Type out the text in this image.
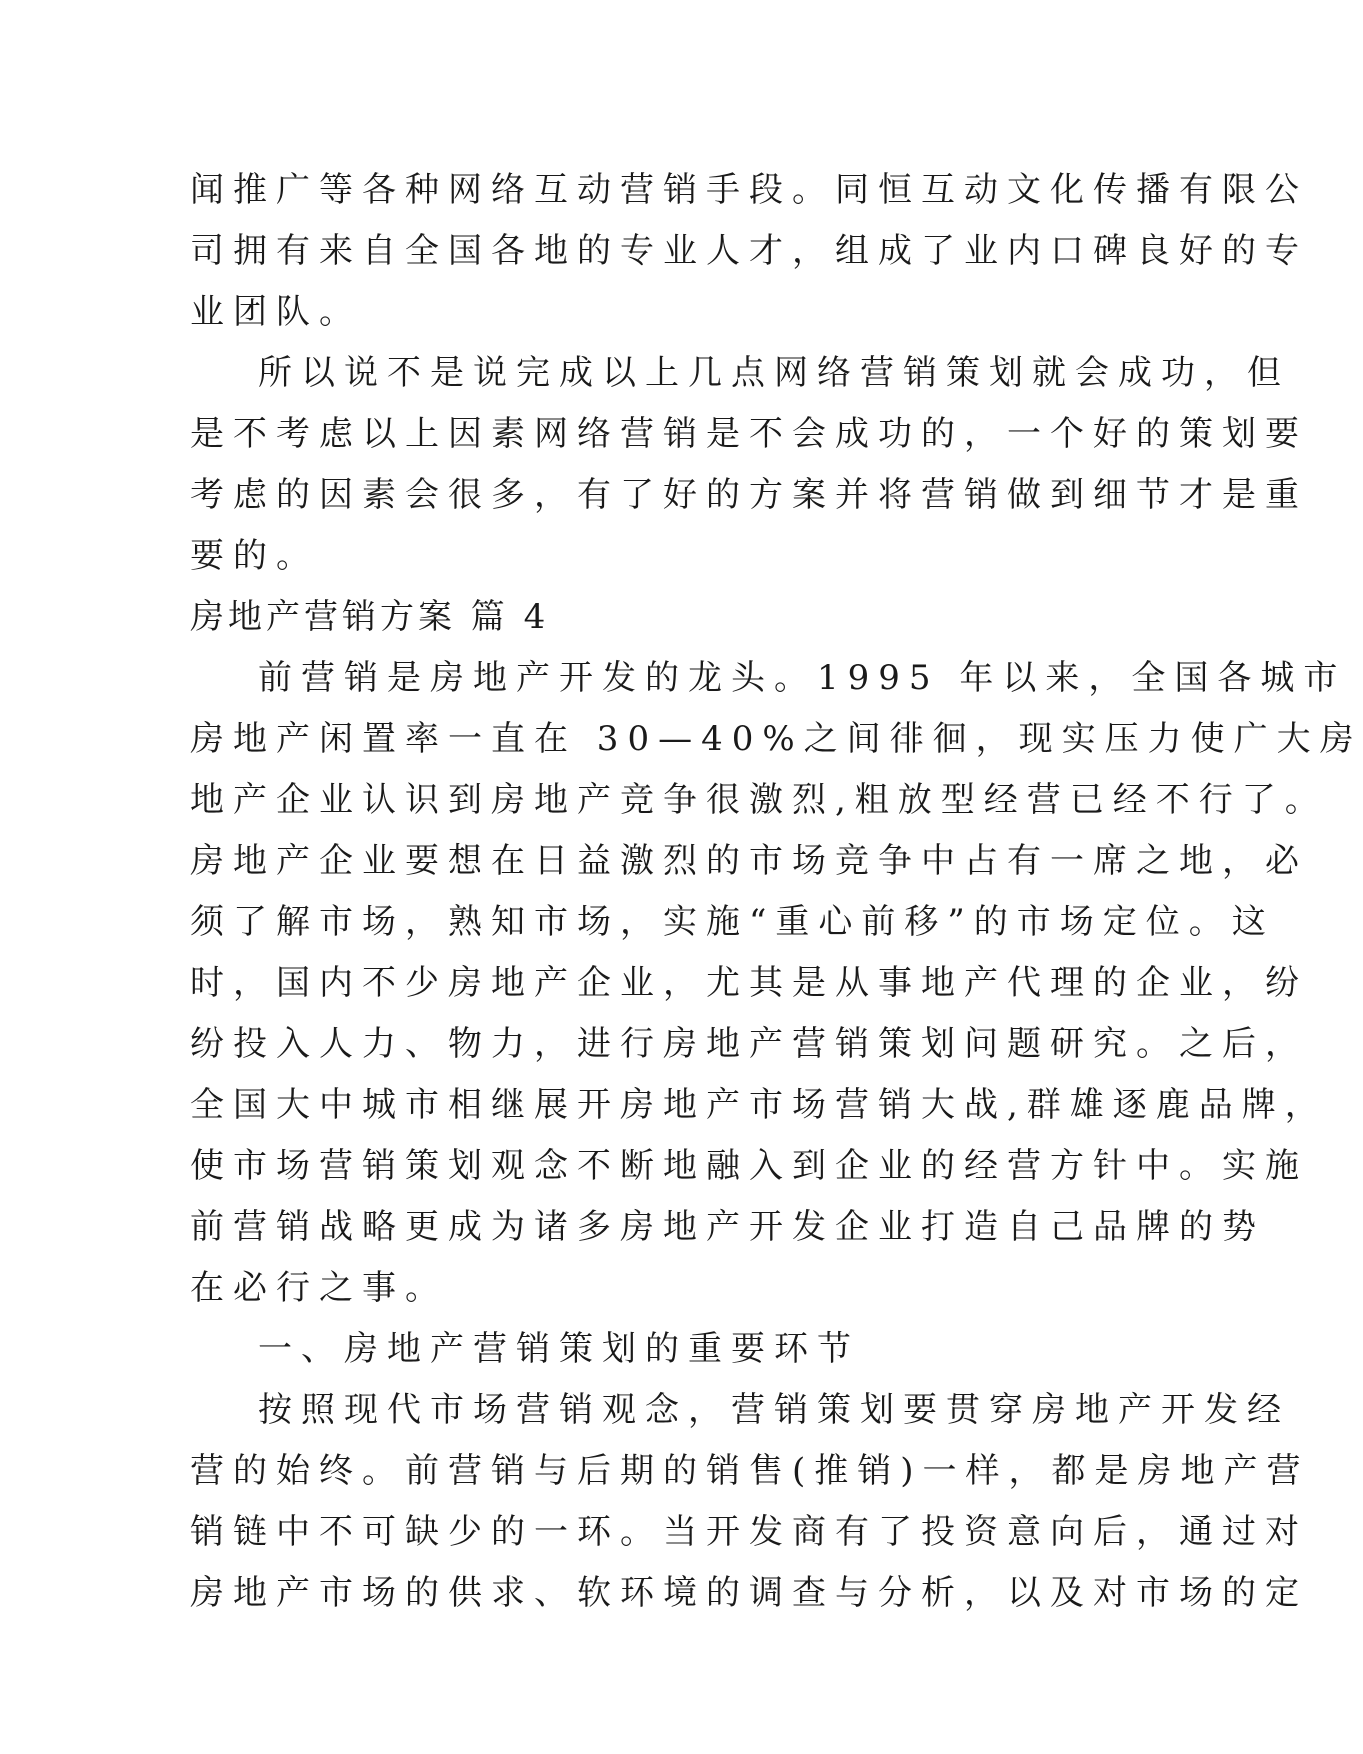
闻推广等各种网络互动营销手段。同恒互动文化传播有限公
司拥有来自全国各地的专业人才，组成了业内口碑良好的专
业团队。
所以说不是说完成以上几点网络营销策划就会成功，但
是不考虑以上因素网络营销是不会成功的，一个好的策划要
考虑的因素会很多，有了好的方案并将营销做到细节才是重
要的。
房地产营销方案 篇 4
前营销是房地产开发的龙头。1995 年以来，全国各城市
房地产闲置率一直在 30—40%之间徘徊，现实压力使广大房
地产企业认识到房地产竞争很激烈,粗放型经营已经不行了。
房地产企业要想在日益激烈的市场竞争中占有一席之地，必
须了解市场，熟知市场，实施“重心前移”的市场定位。这
时，国内不少房地产企业，尤其是从事地产代理的企业，纷
纷投入人力、物力，进行房地产营销策划问题研究。之后，
全国大中城市相继展开房地产市场营销大战,群雄逐鹿品牌，
使市场营销策划观念不断地融入到企业的经营方针中。实施
前营销战略更成为诸多房地产开发企业打造自己品牌的势
在必行之事。
一、房地产营销策划的重要环节
按照现代市场营销观念，营销策划要贯穿房地产开发经
营的始终。前营销与后期的销售(推销)一样，都是房地产营
销链中不可缺少的一环。当开发商有了投资意向后，通过对
房地产市场的供求、软环境的调查与分析，以及对市场的定
